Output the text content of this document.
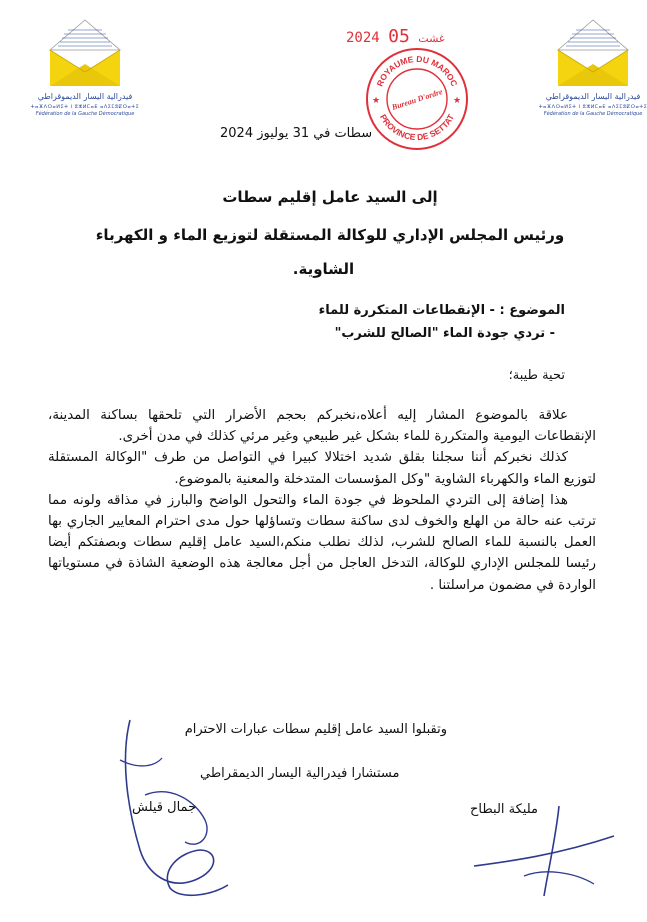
فيدرالية اليسار الديموقراطي
ⵜⴰⴼⴷⵔⴰⵍⵉⵜ ⵏ ⵓⵣⵍⵎⴰⴹ ⴰⴷⵉⵎⵓⵇⵔⴰⵜⵉ
Fédération de la Gauche Démocratique
فيدرالية اليسار الديموقراطي
ⵜⴰⴼⴷⵔⴰⵍⵉⵜ ⵏ ⵓⵣⵍⵎⴰⴹ ⴰⴷⵉⵎⵓⵇⵔⴰⵜⵉ
Fédération de la Gauche Démocratique
2024	غشت 05
ROYAUME DU MAROC
PROVINCE DE SETTAT
Bureau D'ordre
★	★
سطات في 31 يوليوز 2024
إلى السيد عامل إقليم سطات
ورئيس المجلس الإداري للوكالة المستقلة لتوزيع الماء و الكهرباء
الشاوية.
الموضوع : - الإنقطاعات المتكررة للماء
- تردي جودة الماء "الصالح للشرب"
تحية طيبة؛

علاقة بالموضوع المشار إليه أعلاه،نخبركم بحجم الأضرار التي تلحقها بساكنة المدينة، الإنقطاعات اليومية والمتكررة للماء بشكل غير طبيعي وغير مرئي كذلك في مدن أخرى.

كذلك نخبركم أننا سجلنا بقلق شديد اختلالا كبيرا في التواصل من طرف "الوكالة المستقلة لتوزيع الماء والكهرباء الشاوية "وكل المؤسسات المتدخلة والمعنية بالموضوع.

هذا إضافة إلى التردي الملحوظ في جودة الماء والتحول الواضح والبارز في مذاقه ولونه مما ترتب عنه حالة من الهلع والخوف لدى ساكنة سطات وتساؤلها حول مدى احترام المعايير الجاري بها العمل بالنسبة للماء الصالح للشرب، لذلك نطلب منكم،السيد عامل إقليم سطات وبصفتكم أيضا رئيسا للمجلس الإداري للوكالة، التدخل العاجل من أجل معالجة هذه الوضعية الشاذة في مستوياتها الواردة في مضمون مراسلتنا .

وتقبلوا السيد عامل إقليم سطات عبارات الاحترام
مستشارا فيدرالية اليسار الديمقراطي
جمال قيلش	مليكة البطاح
